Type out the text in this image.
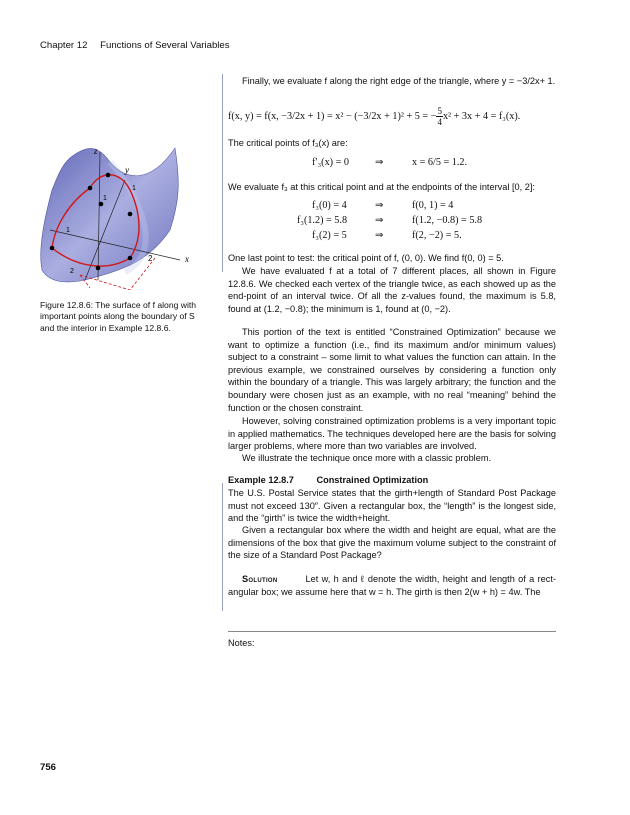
Chapter 12 Functions of Several Variables
z
y
x
2
1
1
1
2
Figure 12.8.6: The surface of f along with important points along the boundary of S and the interior in Example 12.8.6.

Finally, we evaluate f along the right edge of the triangle, where y = −3/2x+ 1.

f(x, y) = f(x, −3/2x + 1) = x² − (−3/2x + 1)² + 5 = − $\frac{5}{4} x^2 + 3x + 4 = f_3(x)$.

The critical points of f₃(x) are:

f′₃(x) = 0	⇒	x = 6/5 = 1.2.

We evaluate f₃ at this critical point and at the endpoints of the interval [0, 2]:

f₃(0) = 4	⇒	f(0, 1) = 4
f₃(1.2) = 5.8	⇒	f(1.2, −0.8) = 5.8
f₃(2) = 5	⇒	f(2, −2) = 5.

One last point to test: the critical point of f, (0, 0). We find f(0, 0) = 5.

We have evaluated f at a total of 7 different places, all shown in Figure 12.8.6. We checked each vertex of the triangle twice, as each showed up as the end-point of an interval twice. Of all the z-values found, the maximum is 5.8, found at (1.2, −0.8); the minimum is 1, found at (0, −2).

This portion of the text is entitled “Constrained Optimization” because we want to optimize a function (i.e., find its maximum and/or minimum values) subject to a constraint – some limit to what values the function can attain. In the previous example, we constrained ourselves by considering a function only within the boundary of a triangle. This was largely arbitrary; the function and the boundary were chosen just as an example, with no real “meaning” behind the function or the chosen constraint.

However, solving constrained optimization problems is a very important topic in applied mathematics. The techniques developed here are the basis for solving larger problems, where more than two variables are involved.

We illustrate the technique once more with a classic problem.

Example 12.8.7 Constrained Optimization

The U.S. Postal Service states that the girth+length of Standard Post Package must not exceed 130″. Given a rectangular box, the “length” is the longest side, and the “girth” is twice the width+height.

Given a rectangular box where the width and height are equal, what are the dimensions of the box that give the maximum volume subject to the constraint of the size of a Standard Post Package?

Solution	Let w, h and ℓ denote the width, height and length of a rect-angular box; we assume here that w = h. The girth is then 2(w + h) = 4w. The
Notes:
756
